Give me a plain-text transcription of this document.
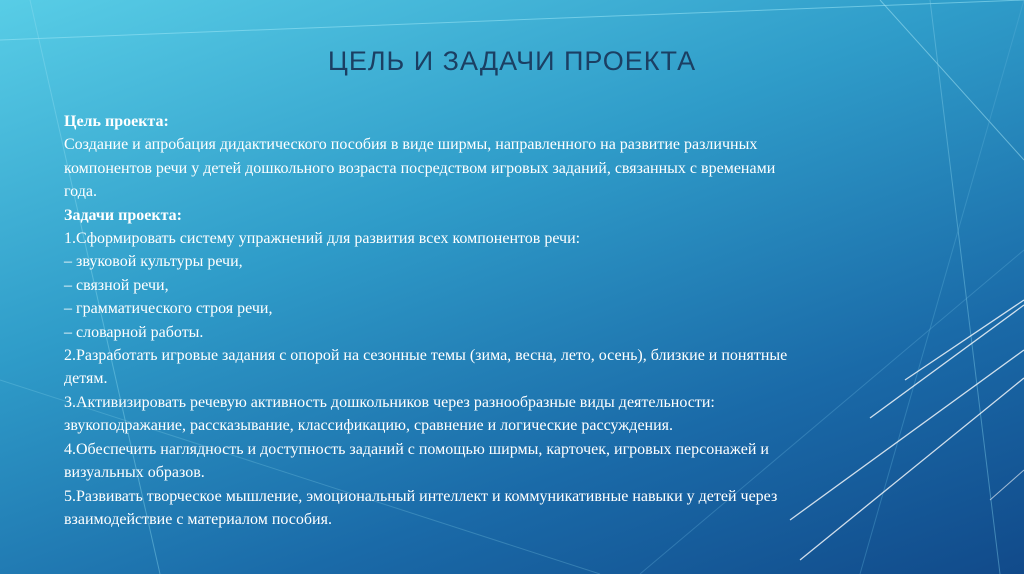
ЦЕЛЬ И ЗАДАЧИ ПРОЕКТА
Цель проекта:
Создание и апробация дидактического пособия в виде ширмы, направленного на развитие различных
компонентов речи у детей дошкольного возраста посредством игровых заданий, связанных с временами
года.
Задачи проекта:
1.Сформировать систему упражнений для развития всех компонентов речи:
– звуковой культуры речи,
– связной речи,
– грамматического строя речи,
– словарной работы.
2.Разработать игровые задания с опорой на сезонные темы (зима, весна, лето, осень), близкие и понятные
детям.
3.Активизировать речевую активность дошкольников через разнообразные виды деятельности:
звукоподражание, рассказывание, классификацию, сравнение и логические рассуждения.
4.Обеспечить наглядность и доступность заданий с помощью ширмы, карточек, игровых персонажей и
визуальных образов.
5.Развивать творческое мышление, эмоциональный интеллект и коммуникативные навыки у детей через
взаимодействие с материалом пособия.
